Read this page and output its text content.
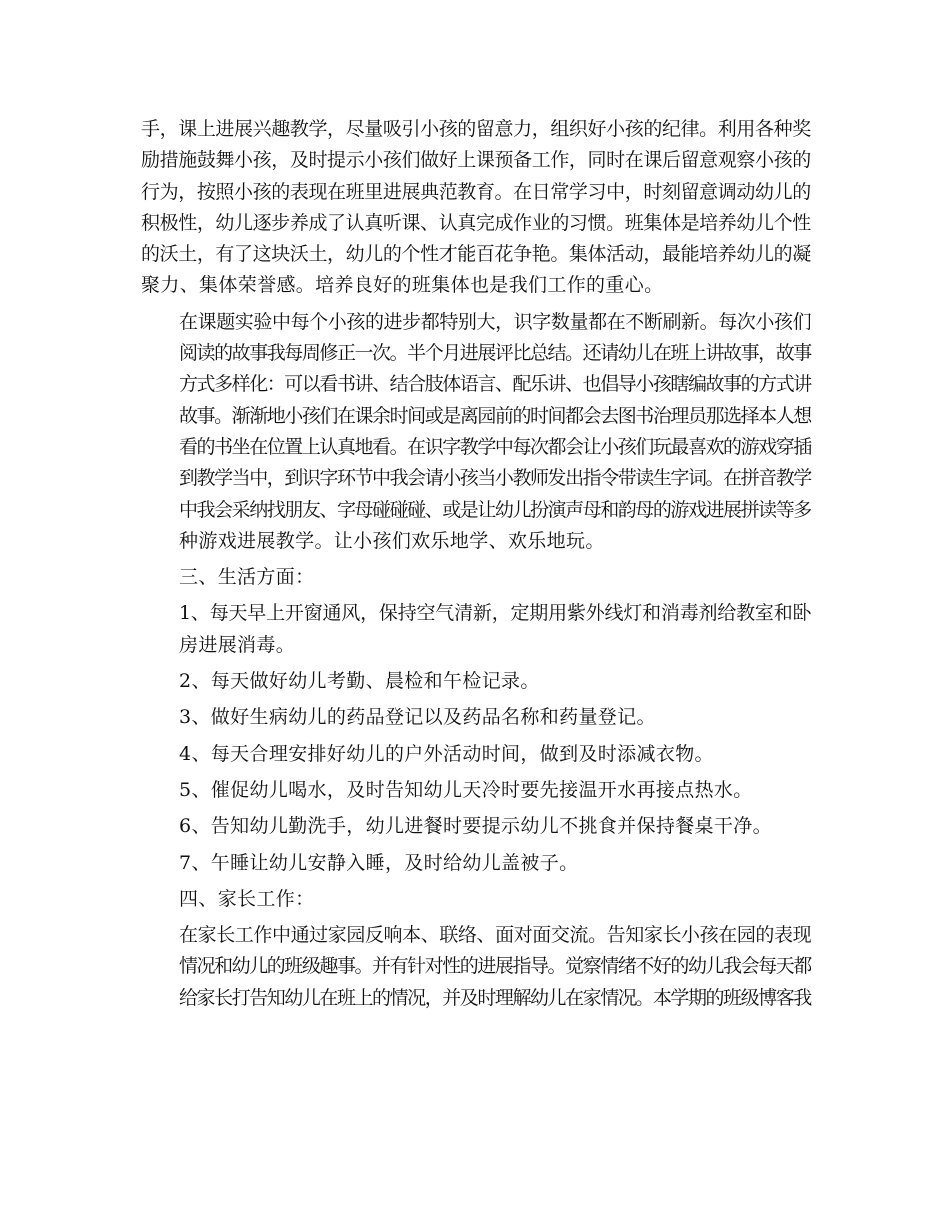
手，课上进展兴趣教学，尽量吸引小孩的留意力，组织好小孩的纪律。利用各种奖
励措施鼓舞小孩，及时提示小孩们做好上课预备工作，同时在课后留意观察小孩的
行为，按照小孩的表现在班里进展典范教育。在日常学习中，时刻留意调动幼儿的
积极性，幼儿逐步养成了认真听课、认真完成作业的习惯。班集体是培养幼儿个性
的沃土，有了这块沃土，幼儿的个性才能百花争艳。集体活动，最能培养幼儿的凝
聚力、集体荣誉感。培养良好的班集体也是我们工作的重心。

在课题实验中每个小孩的进步都特别大，识字数量都在不断刷新。每次小孩们
阅读的故事我每周修正一次。半个月进展评比总结。还请幼儿在班上讲故事，故事
方式多样化：可以看书讲、结合肢体语言、配乐讲、也倡导小孩瞎编故事的方式讲
故事。渐渐地小孩们在课余时间或是离园前的时间都会去图书治理员那选择本人想
看的书坐在位置上认真地看。在识字教学中每次都会让小孩们玩最喜欢的游戏穿插
到教学当中，到识字环节中我会请小孩当小教师发出指令带读生字词。在拼音教学
中我会采纳找朋友、字母碰碰碰、或是让幼儿扮演声母和韵母的游戏进展拼读等多
种游戏进展教学。让小孩们欢乐地学、欢乐地玩。

三、生活方面：

1、每天早上开窗通风，保持空气清新，定期用紫外线灯和消毒剂给教室和卧
房进展消毒。

2、每天做好幼儿考勤、晨检和午检记录。

3、做好生病幼儿的药品登记以及药品名称和药量登记。

4、每天合理安排好幼儿的户外活动时间，做到及时添减衣物。

5、催促幼儿喝水，及时告知幼儿天冷时要先接温开水再接点热水。

6、告知幼儿勤洗手，幼儿进餐时要提示幼儿不挑食并保持餐桌干净。

7、午睡让幼儿安静入睡，及时给幼儿盖被子。

四、家长工作：

在家长工作中通过家园反响本、联络、面对面交流。告知家长小孩在园的表现
情况和幼儿的班级趣事。并有针对性的进展指导。觉察情绪不好的幼儿我会每天都
给家长打告知幼儿在班上的情况，并及时理解幼儿在家情况。本学期的班级博客我
